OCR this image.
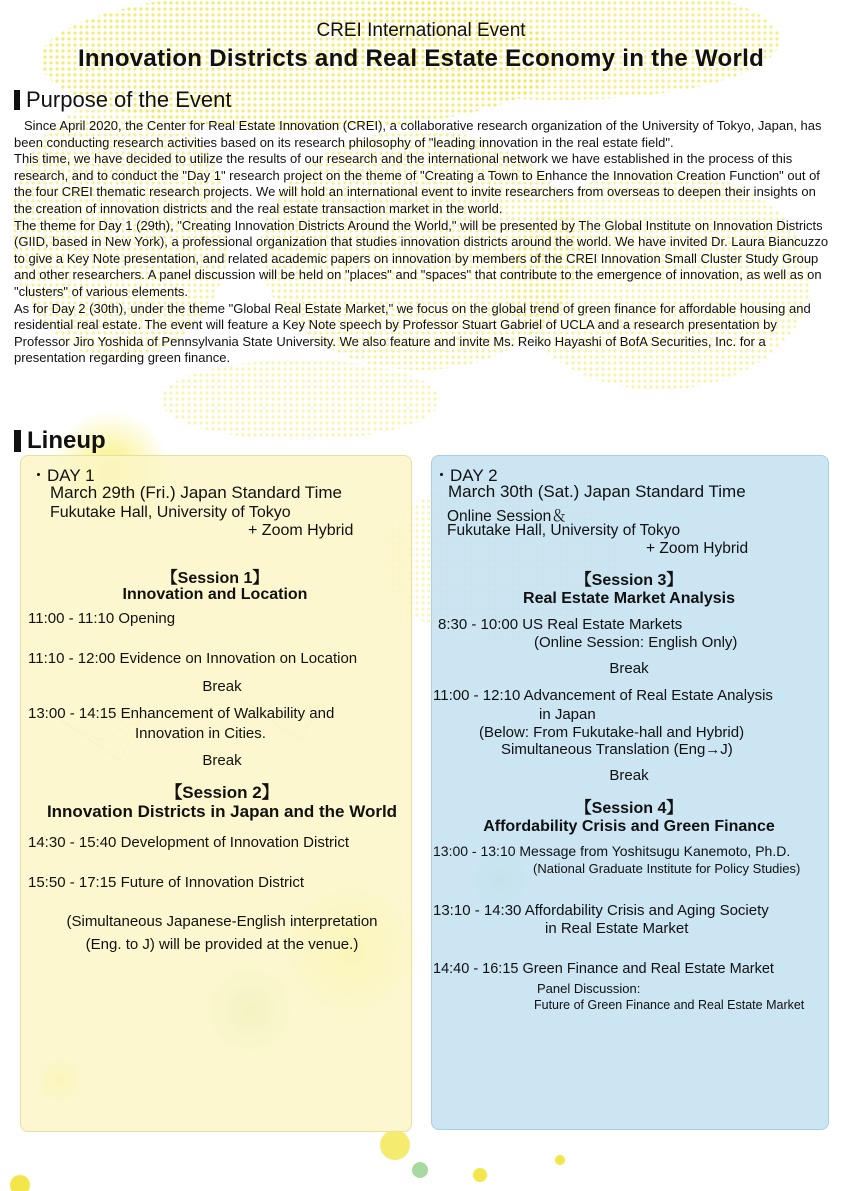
CREI International Event
Innovation Districts and Real Estate Economy in the World
Purpose of the Event

Since April 2020, the Center for Real Estate Innovation (CREI), a collaborative research organization of the University of Tokyo, Japan, has been conducting research activities based on its research philosophy of "leading innovation in the real estate field".

This time, we have decided to utilize the results of our research and the international network we have established in the process of this research, and to conduct the "Day 1" research project on the theme of "Creating a Town to Enhance the Innovation Creation Function" out of the four CREI thematic research projects. We will hold an international event to invite researchers from overseas to deepen their insights on the creation of innovation districts and the real estate transaction market in the world.

The theme for Day 1 (29th), "Creating Innovation Districts Around the World," will be presented by The Global Institute on Innovation Districts (GIID, based in New York), a professional organization that studies innovation districts around the world. We have invited Dr. Laura Biancuzzo to give a Key Note presentation, and related academic papers on innovation by members of the CREI Innovation Small Cluster Study Group and other researchers. A panel discussion will be held on "places" and "spaces" that contribute to the emergence of innovation, as well as on "clusters" of various elements.

As for Day 2 (30th), under the theme "Global Real Estate Market," we focus on the global trend of green finance for affordable housing and residential real estate. The event will feature a Key Note speech by Professor Stuart Gabriel of UCLA and a research presentation by Professor Jiro Yoshida of Pennsylvania State University. We also feature and invite Ms. Reiko Hayashi of BofA Securities, Inc. for a presentation regarding green finance.

Lineup
・DAY 1
March 29th (Fri.) Japan Standard Time
Fukutake Hall, University of Tokyo
+ Zoom Hybrid
【Session 1】
Innovation and Location
11:00 - 11:10 Opening
11:10 - 12:00 Evidence on Innovation on Location
Break
13:00 - 14:15 Enhancement of Walkability and
Innovation in Cities.
Break
【Session 2】
Innovation Districts in Japan and the World
14:30 - 15:40 Development of Innovation District
15:50 - 17:15 Future of Innovation District
(Simultaneous Japanese-English interpretation
(Eng. to J) will be provided at the venue.)
・DAY 2
March 30th (Sat.) Japan Standard Time
Online Session＆
Fukutake Hall, University of Tokyo
+ Zoom Hybrid
【Session 3】
Real Estate Market Analysis
8:30 - 10:00 US Real Estate Markets
(Online Session: English Only)
Break
11:00 - 12:10 Advancement of Real Estate Analysis
in Japan
(Below: From Fukutake-hall and Hybrid)
Simultaneous Translation (Eng→J)
Break
【Session 4】
Affordability Crisis and Green Finance
13:00 - 13:10 Message from Yoshitsugu Kanemoto, Ph.D.
(National Graduate Institute for Policy Studies)
13:10 - 14:30 Affordability Crisis and Aging Society
in Real Estate Market
14:40 - 16:15 Green Finance and Real Estate Market
Panel Discussion:
Future of Green Finance and Real Estate Market
